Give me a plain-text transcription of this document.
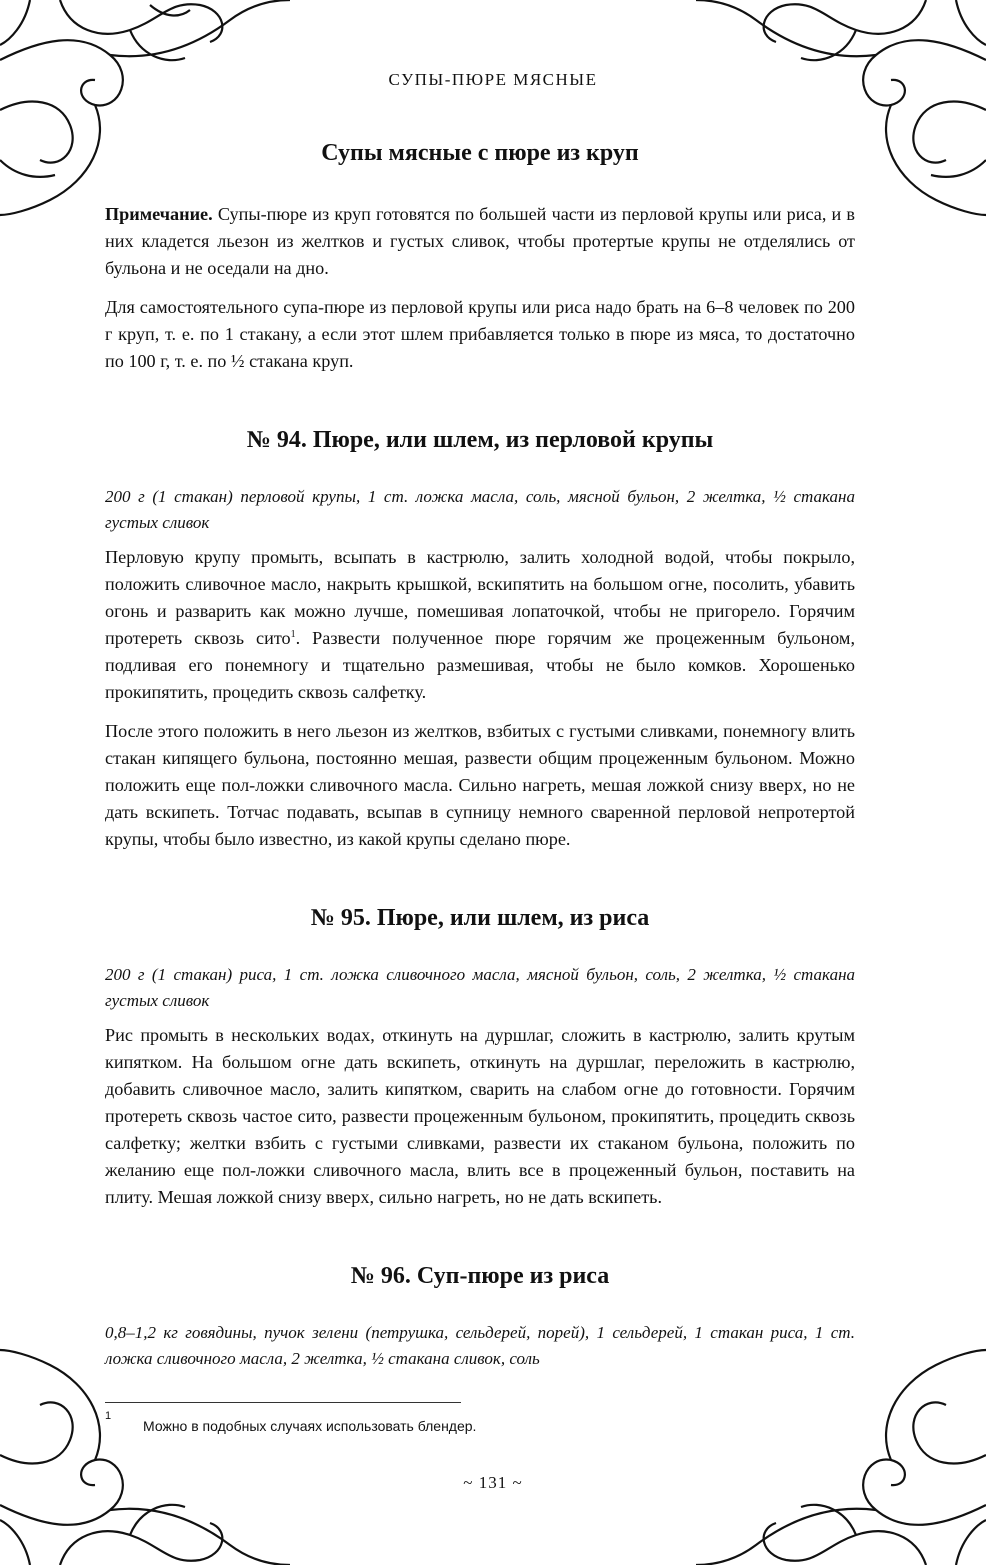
СУПЫ-ПЮРЕ МЯСНЫЕ
Супы мясные с пюре из круп

Примечание. Супы-пюре из круп готовятся по большей части из перловой крупы или риса, и в них кладется льезон из желтков и густых сливок, чтобы протертые крупы не отделялись от бульона и не оседали на дно.

Для самостоятельного супа-пюре из перловой крупы или риса надо брать на 6–8 человек по 200 г круп, т. е. по 1 стакану, а если этот шлем прибавляется только в пюре из мяса, то достаточно по 100 г, т. е. по ½ стакана круп.

№ 94. Пюре, или шлем, из перловой крупы

200 г (1 стакан) перловой крупы, 1 ст. ложка масла, соль, мясной бульон, 2 желтка, ½ стакана густых сливок

Перловую крупу промыть, всыпать в кастрюлю, залить холодной водой, чтобы покрыло, положить сливочное масло, накрыть крышкой, вскипятить на большом огне, посолить, убавить огонь и разварить как можно лучше, помешивая лопаточкой, чтобы не пригорело. Горячим протереть сквозь сито$^1$. Развести полученное пюре горячим же процеженным бульоном, подливая его понемногу и тщательно размешивая, чтобы не было комков. Хорошенько прокипятить, процедить сквозь салфетку.

После этого положить в него льезон из желтков, взбитых с густыми сливками, понемногу влить стакан кипящего бульона, постоянно мешая, развести общим процеженным бульоном. Можно положить еще пол-ложки сливочного масла. Сильно нагреть, мешая ложкой снизу вверх, но не дать вскипеть. Тотчас подавать, всыпав в супницу немного сваренной перловой непротертой крупы, чтобы было известно, из какой крупы сделано пюре.

№ 95. Пюре, или шлем, из риса

200 г (1 стакан) риса, 1 ст. ложка сливочного масла, мясной бульон, соль, 2 желтка, ½ стакана густых сливок

Рис промыть в нескольких водах, откинуть на дуршлаг, сложить в кастрюлю, залить крутым кипятком. На большом огне дать вскипеть, откинуть на дуршлаг, переложить в кастрюлю, добавить сливочное масло, залить кипятком, сварить на слабом огне до готовности. Горячим протереть сквозь частое сито, развести процеженным бульоном, прокипятить, процедить сквозь салфетку; желтки взбить с густыми сливками, развести их стаканом бульона, положить по желанию еще пол-ложки сливочного масла, влить все в процеженный бульон, поставить на плиту. Мешая ложкой снизу вверх, сильно нагреть, но не дать вскипеть.

№ 96. Суп-пюре из риса

0,8–1,2 кг говядины, пучок зелени (петрушка, сельдерей, порей), 1 сельдерей, 1 стакан риса, 1 ст. ложка сливочного масла, 2 желтка, ½ стакана сливок, соль

1
Можно в подобных случаях использовать блендер.
~ 131 ~
